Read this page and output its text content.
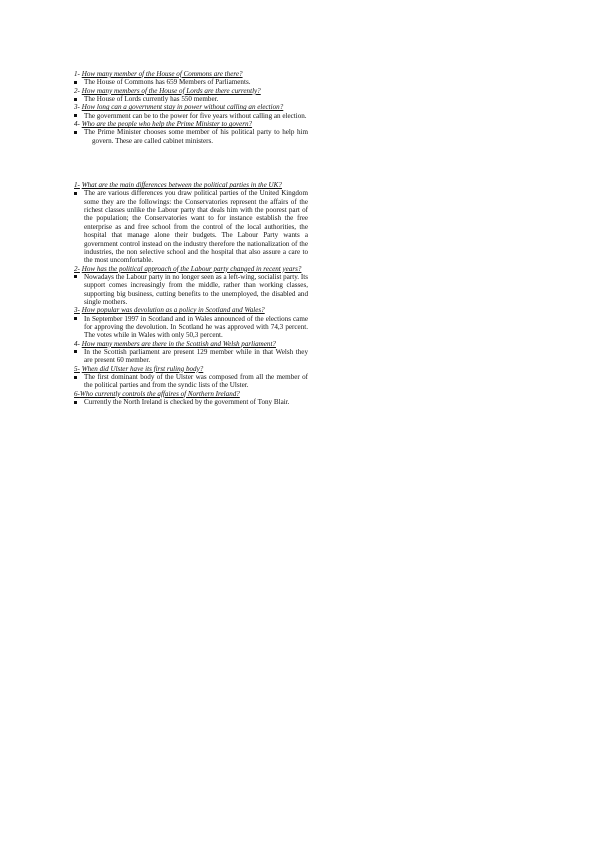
1- How many member of the House of Commons are there?
The House of Commons has 659 Members of Parliaments.
2- How many members of the House of Lords are there currently?
The House of Lords currently has 550 member.
3- How long can a government stay in power without calling an election?
The government can be to the power for five years without calling an election.
4- Who are the people who help the Prime Minister to govern?
The Prime Minister chooses some member of his political party to help him govern. These are called cabinet ministers.
1- What are the main differences between the political parties in the UK?
The are various differences you draw political parties of the United Kingdom some they are the followings: the Conservatories represent the affairs of the richest classes unlike the Labour party that deals him with the poorest part of the population; the Conservatories want to for instance establish the free enterprise as and free school from the control of the local authorities, the hospital that manage alone their budgets. The Labour Party wants a government control instead on the industry therefore the nationalization of the industries, the non selective school and the hospital that also assure a care to the most uncomfortable.
2- How has the political approach of the Labour party changed in recent years?
Nowadays the Labour party in no longer seen as a left-wing, socialist party. Its support comes increasingly from the middle, rather than working classes, supporting big business, cutting benefits to the unemployed, the disabled and single mothers.
3- How popular was devolution as a policy in Scotland and Wales?
In September 1997 in Scotland and in Wales announced of the elections came for approving the devolution. In Scotland he was approved with 74,3 percent. The votes while in Wales with only 50,3 percent.
4- How many members are there in the Scottish and Welsh parliament?
In the Scottish parliament are present 129 member while in that Welsh they are present 60 member.
5- When did Ulster have its first ruling body?
The first dominant body of the Ulster was composed from all the member of the political parties and from the syndic lists of the Ulster.
6-Who currently controls the affaires of Northern Ireland?
Currently the North Ireland is checked by the government of Tony Blair.
